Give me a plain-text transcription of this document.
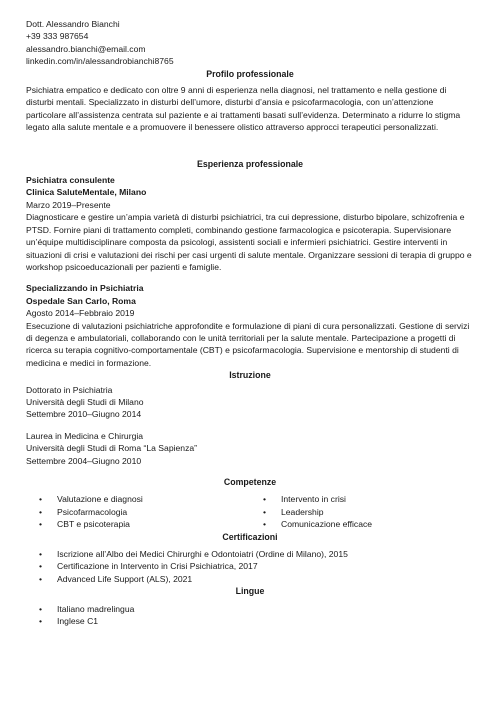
Dott. Alessandro Bianchi
+39 333 987654
alessandro.bianchi@email.com
linkedin.com/in/alessandrobianchi8765
Profilo professionale

Psichiatra empatico e dedicato con oltre 9 anni di esperienza nella diagnosi, nel trattamento e nella gestione di disturbi mentali. Specializzato in disturbi dell’umore, disturbi d’ansia e psicofarmacologia, con un’attenzione particolare all’assistenza centrata sul paziente e ai trattamenti basati sull’evidenza. Determinato a ridurre lo stigma legato alla salute mentale e a promuovere il benessere olistico attraverso approcci terapeutici personalizzati.

Esperienza professionale
Psichiatra consulente
Clinica SaluteMentale, Milano
Marzo 2019–Presente

Diagnosticare e gestire un’ampia varietà di disturbi psichiatrici, tra cui depressione, disturbo bipolare, schizofrenia e PTSD. Fornire piani di trattamento completi, combinando gestione farmacologica e psicoterapia. Supervisionare un’équipe multidisciplinare composta da psicologi, assistenti sociali e infermieri psichiatrici. Gestire interventi in situazioni di crisi e valutazioni dei rischi per casi urgenti di salute mentale. Organizzare sessioni di terapia di gruppo e workshop psicoeducazionali per pazienti e famiglie.

Specializzando in Psichiatria
Ospedale San Carlo, Roma
Agosto 2014–Febbraio 2019

Esecuzione di valutazioni psichiatriche approfondite e formulazione di piani di cura personalizzati. Gestione di servizi di degenza e ambulatoriali, collaborando con le unità territoriali per la salute mentale. Partecipazione a progetti di ricerca su terapia cognitivo-comportamentale (CBT) e psicofarmacologia. Supervisione e mentorship di studenti di medicina e medici in formazione.

Istruzione
Dottorato in Psichiatria
Università degli Studi di Milano
Settembre 2010–Giugno 2014
Laurea in Medicina e Chirurgia
Università degli Studi di Roma “La Sapienza”
Settembre 2004–Giugno 2010
Competenze
• Valutazione e diagnosi
• Psicofarmacologia
• CBT e psicoterapia
• Intervento in crisi
• Leadership
• Comunicazione efficace
Certificazioni
• Iscrizione all’Albo dei Medici Chirurghi e Odontoiatri (Ordine di Milano), 2015
• Certificazione in Intervento in Crisi Psichiatrica, 2017
• Advanced Life Support (ALS), 2021
Lingue
• Italiano madrelingua
• Inglese C1
